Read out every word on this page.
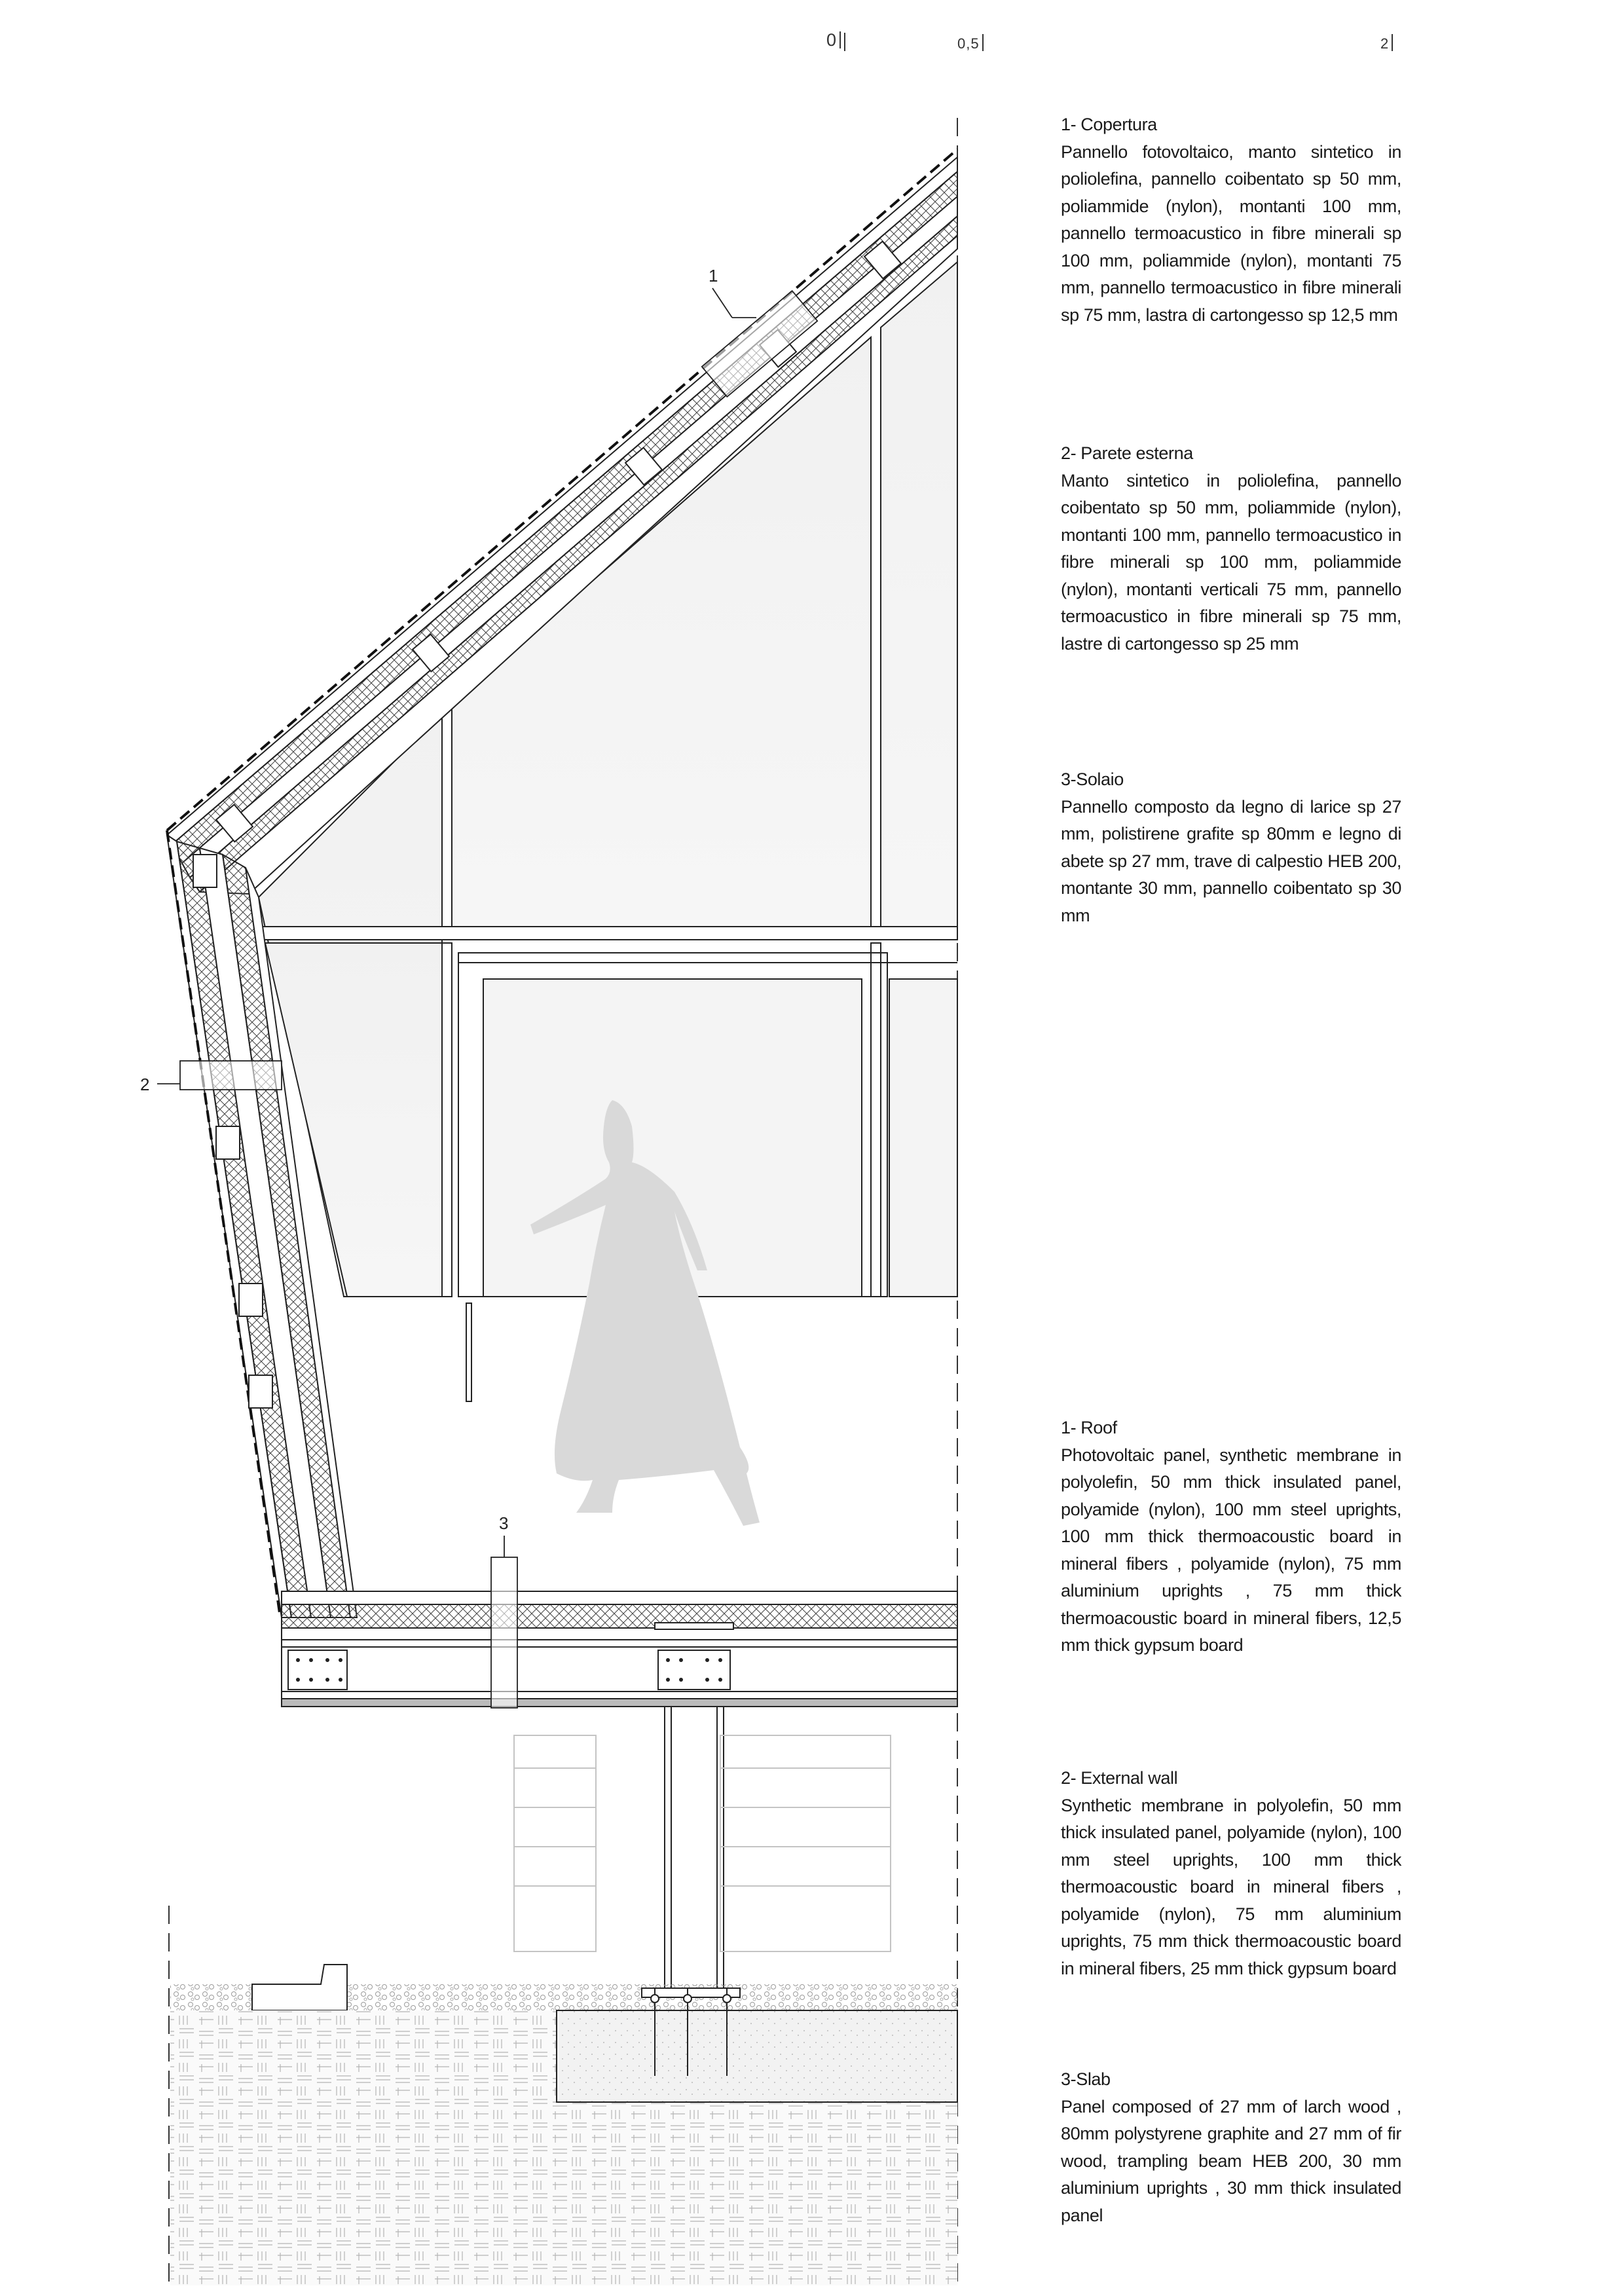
0	0,5	2
1
2
3
1- Copertura
Pannello fotovoltaico, manto sintetico in poliolefina, pannello coibentato sp 50 mm, poliammide (nylon), montanti 100 mm, pannello termoacustico in fibre minerali sp 100 mm, poliammide (nylon), montanti 75 mm, pannello termoacustico in fibre minerali sp 75 mm, lastra di cartongesso sp 12,5 mm
2- Parete esterna
Manto sintetico in poliolefina, pannello coibentato sp 50 mm, poliammide (nylon), montanti 100 mm, pannello termoacustico in fibre minerali sp 100 mm, poliammide (nylon), montanti verticali 75 mm, pannello termoacustico in fibre minerali sp 75 mm, lastre di cartongesso sp 25 mm
3-Solaio
Pannello composto da legno di larice sp 27 mm, polistirene grafite sp 80mm e legno di abete sp 27 mm, trave di calpestio HEB 200, montante 30 mm, pannello coibentato sp 30 mm
1- Roof
Photovoltaic panel, synthetic membrane in polyolefin, 50 mm thick insulated panel, polyamide (nylon), 100 mm steel uprights, 100 mm thick thermoacoustic board in mineral fibers , polyamide (nylon), 75 mm aluminium uprights , 75 mm thick thermoacoustic board in mineral fibers, 12,5 mm thick gypsum board
2- External wall
Synthetic membrane in polyolefin, 50 mm thick insulated panel, polyamide (nylon), 100 mm steel uprights, 100 mm thick thermoacoustic board in mineral fibers , polyamide (nylon), 75 mm aluminium uprights, 75 mm thick thermoacoustic board in mineral fibers, 25 mm thick gypsum board
3-Slab
Panel composed of 27 mm of larch wood , 80mm polystyrene graphite and 27 mm of fir wood, trampling beam HEB 200, 30 mm aluminium uprights , 30 mm thick insulated panel
